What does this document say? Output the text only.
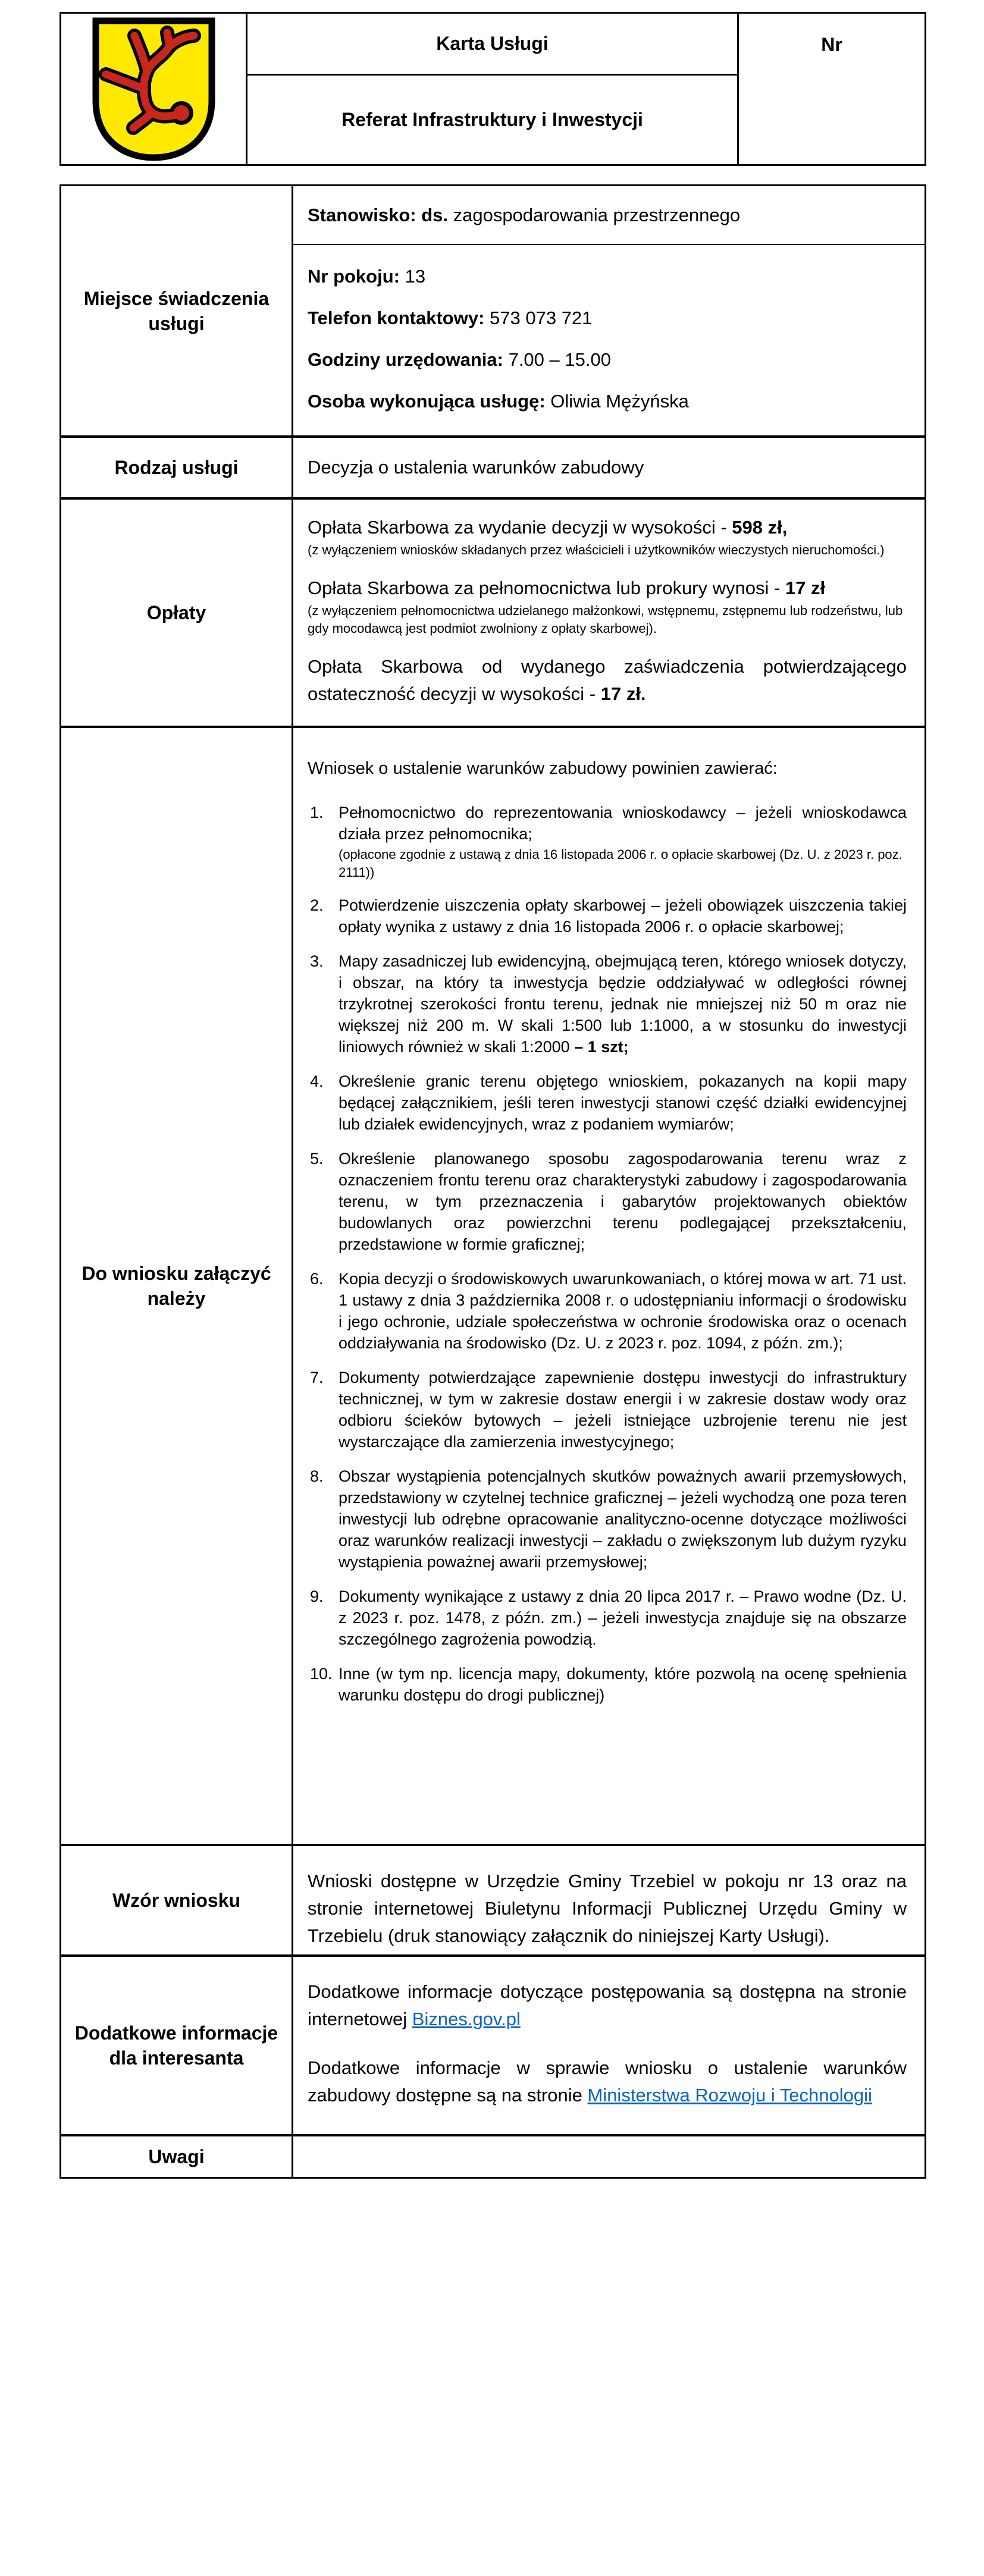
Karta Usługi	Nr
Referat Infrastruktury i Inwestycji
Miejsce świadczenia usługi
Stanowisko: ds. zagospodarowania przestrzennego

Nr pokoju: 13

Telefon kontaktowy: 573 073 721

Godziny urzędowania: 7.00 – 15.00

Osoba wykonująca usługę: Oliwia Mężyńska

Rodzaj usługi	Decyzja o ustalenia warunków zabudowy
Opłaty
Opłata Skarbowa za wydanie decyzji w wysokości - 598 zł,
(z wyłączeniem wniosków składanych przez właścicieli i użytkowników wieczystych nieruchomości.)
Opłata Skarbowa za pełnomocnictwa lub prokury wynosi - 17 zł
(z wyłączeniem pełnomocnictwa udzielanego małżonkowi, wstępnemu, zstępnemu lub rodzeństwu, lub gdy mocodawcą jest podmiot zwolniony z opłaty skarbowej).
Opłata Skarbowa od wydanego zaświadczenia potwierdzającego ostateczność decyzji w wysokości - 17 zł.
Do wniosku załączyć należy

Wniosek o ustalenie warunków zabudowy powinien zawierać:

1. Pełnomocnictwo do reprezentowania wnioskodawcy – jeżeli wnioskodawca działa przez pełnomocnika;
(opłacone zgodnie z ustawą z dnia 16 listopada 2006 r. o opłacie skarbowej (Dz. U. z 2023 r. poz. 2111))
2. Potwierdzenie uiszczenia opłaty skarbowej – jeżeli obowiązek uiszczenia takiej opłaty wynika z ustawy z dnia 16 listopada 2006 r. o opłacie skarbowej;
3. Mapy zasadniczej lub ewidencyjną, obejmującą teren, którego wniosek dotyczy, i obszar, na który ta inwestycja będzie oddziaływać w odległości równej trzykrotnej szerokości frontu terenu, jednak nie mniejszej niż 50 m oraz nie większej niż 200 m. W skali 1:500 lub 1:1000, a w stosunku do inwestycji liniowych również w skali 1:2000 – 1 szt;
4. Określenie granic terenu objętego wnioskiem, pokazanych na kopii mapy będącej załącznikiem, jeśli teren inwestycji stanowi część działki ewidencyjnej lub działek ewidencyjnych, wraz z podaniem wymiarów;
5. Określenie planowanego sposobu zagospodarowania terenu wraz z oznaczeniem frontu terenu oraz charakterystyki zabudowy i zagospodarowania terenu, w tym przeznaczenia i gabarytów projektowanych obiektów budowlanych oraz powierzchni terenu podlegającej przekształceniu, przedstawione w formie graficznej;
6. Kopia decyzji o środowiskowych uwarunkowaniach, o której mowa w art. 71 ust. 1 ustawy z dnia 3 października 2008 r. o udostępnianiu informacji o środowisku i jego ochronie, udziale społeczeństwa w ochronie środowiska oraz o ocenach oddziaływania na środowisko (Dz. U. z 2023 r. poz. 1094, z późn. zm.);
7. Dokumenty potwierdzające zapewnienie dostępu inwestycji do infrastruktury technicznej, w tym w zakresie dostaw energii i w zakresie dostaw wody oraz odbioru ścieków bytowych – jeżeli istniejące uzbrojenie terenu nie jest wystarczające dla zamierzenia inwestycyjnego;
8. Obszar wystąpienia potencjalnych skutków poważnych awarii przemysłowych, przedstawiony w czytelnej technice graficznej – jeżeli wychodzą one poza teren inwestycji lub odrębne opracowanie analityczno-ocenne dotyczące możliwości oraz warunków realizacji inwestycji – zakładu o zwiększonym lub dużym ryzyku wystąpienia poważnej awarii przemysłowej;
9. Dokumenty wynikające z ustawy z dnia 20 lipca 2017 r. – Prawo wodne (Dz. U. z 2023 r. poz. 1478, z późn. zm.) – jeżeli inwestycja znajduje się na obszarze szczególnego zagrożenia powodzią.
10. Inne (w tym np. licencja mapy, dokumenty, które pozwolą na ocenę spełnienia warunku dostępu do drogi publicznej)
Wzór wniosku
Wnioski dostępne w Urzędzie Gminy Trzebiel w pokoju nr 13 oraz na stronie internetowej Biuletynu Informacji Publicznej Urzędu Gminy w Trzebielu (druk stanowiący załącznik do niniejszej Karty Usługi).
Dodatkowe informacje dla interesanta

Dodatkowe informacje dotyczące postępowania są dostępna na stronie internetowej Biznes.gov.pl

Dodatkowe informacje w sprawie wniosku o ustalenie warunków zabudowy dostępne są na stronie Ministerstwa Rozwoju i Technologii

Uwagi
